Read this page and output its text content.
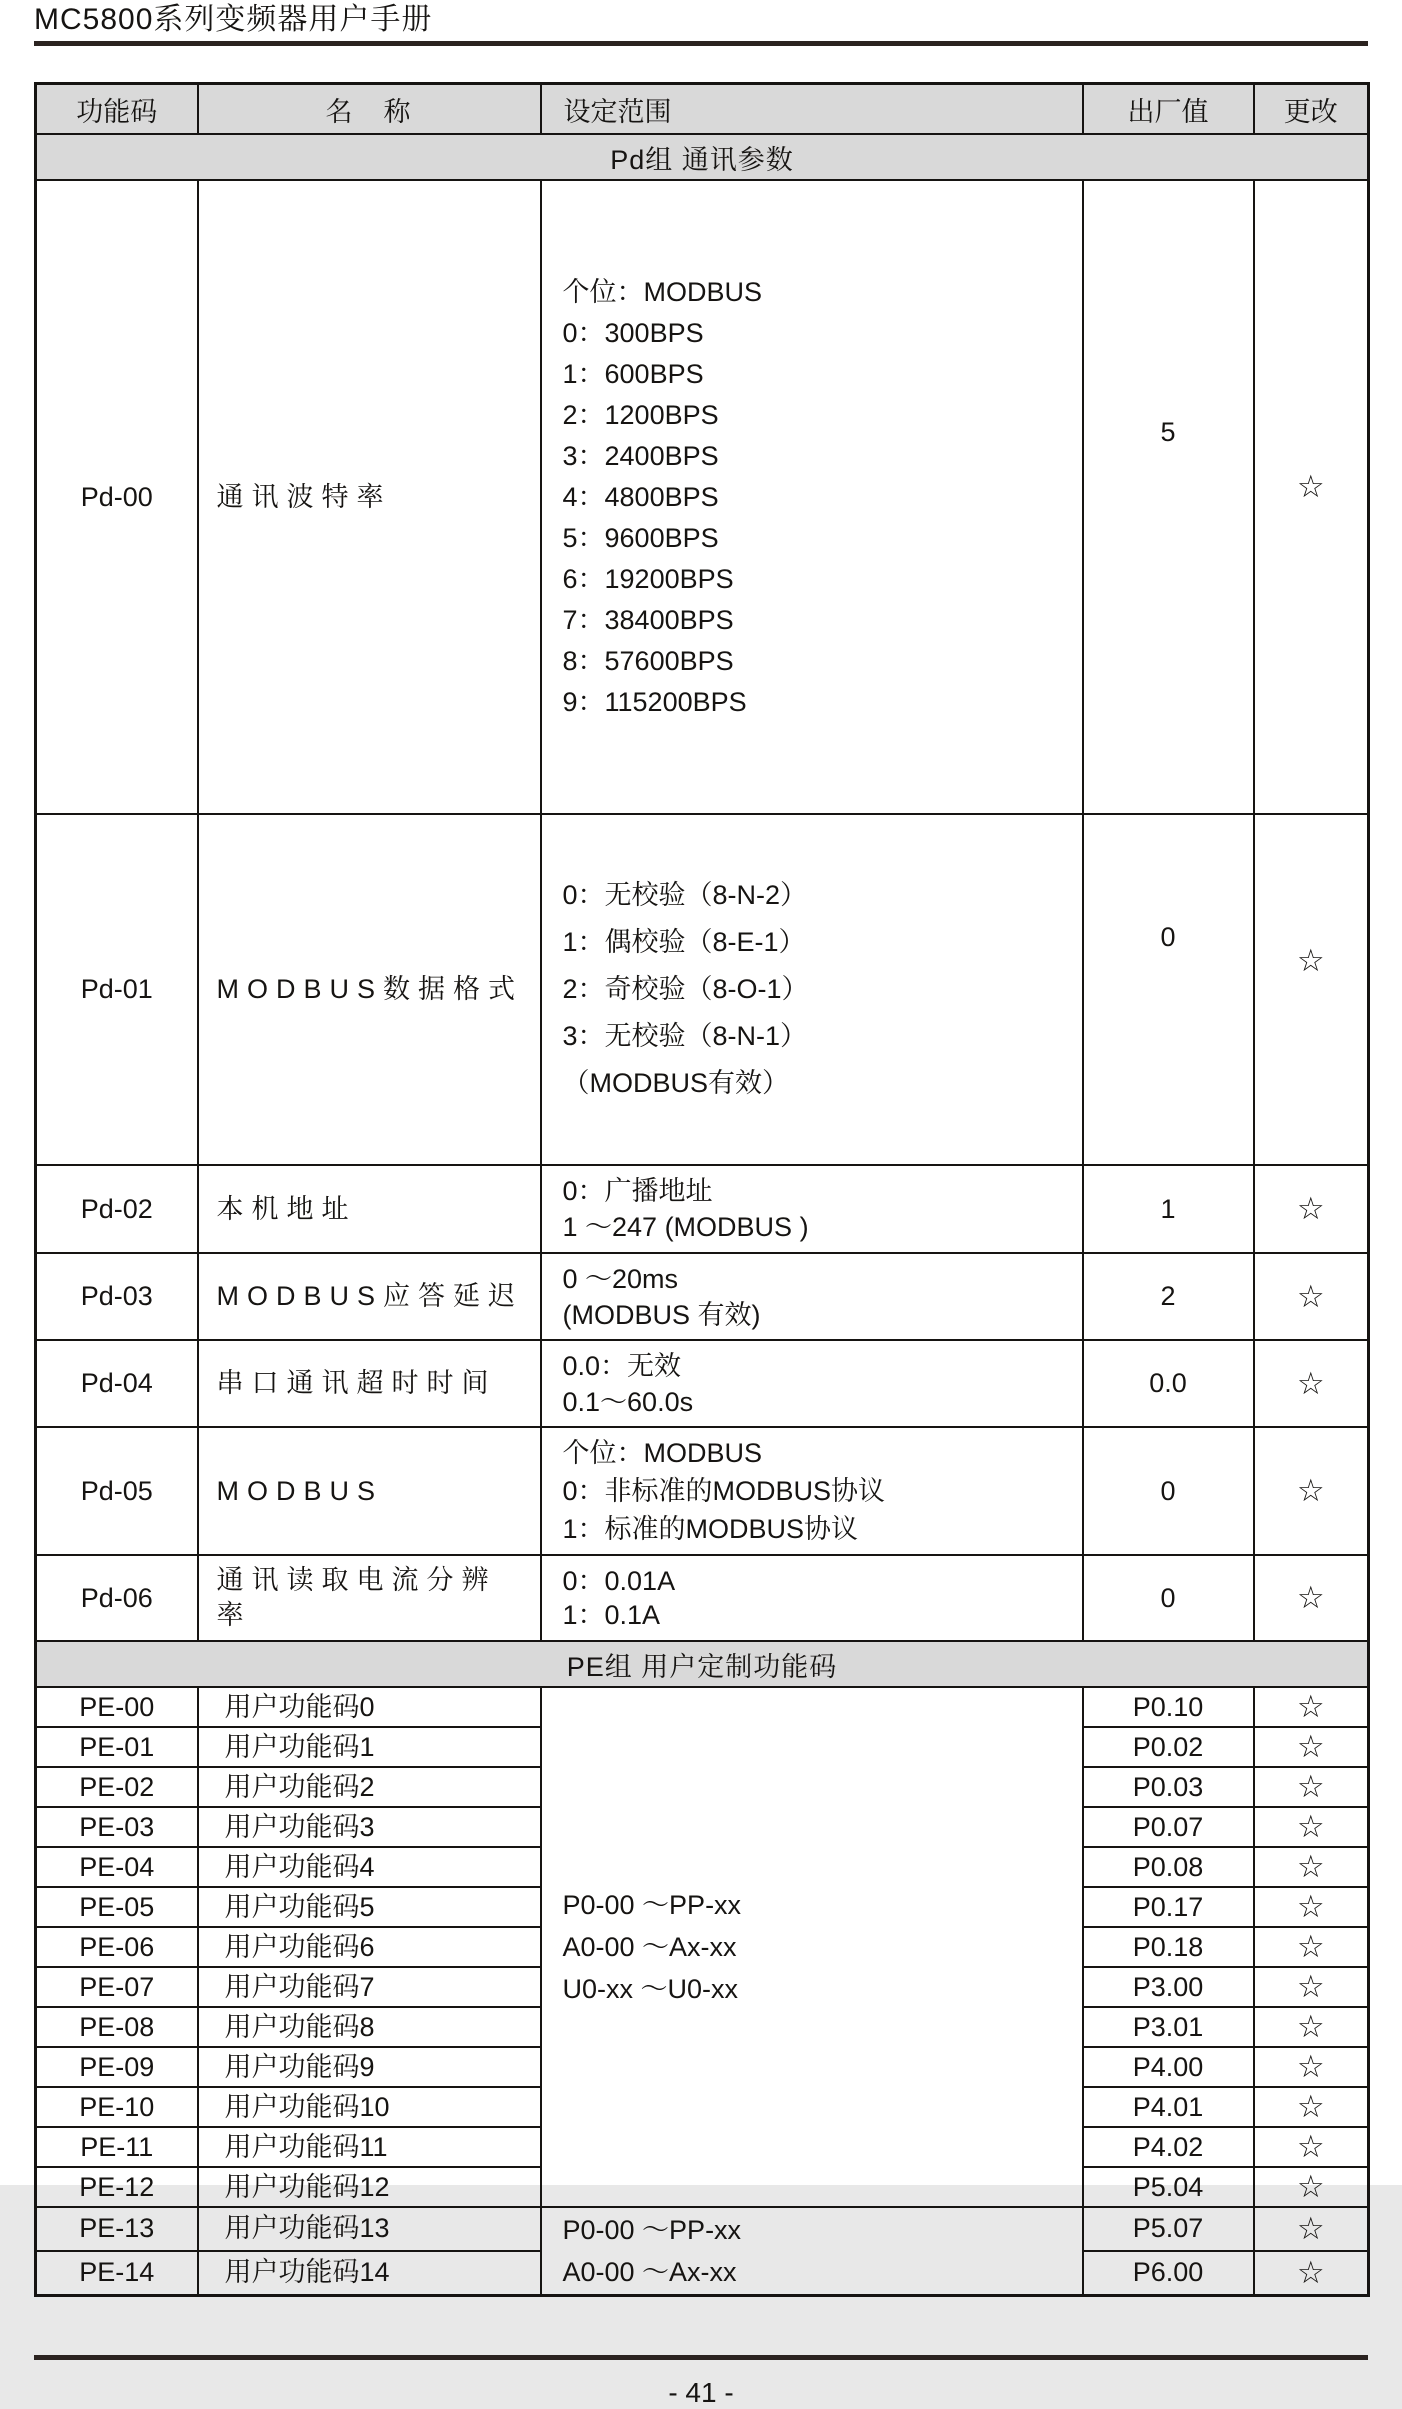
MC5800系列变频器用户手册
功能码	名　称	设定范围	出厂值	更改
Pd组 通讯参数				
Pd-00	通讯波特率	
个位：MODBUS
0：300BPS
1：600BPS
2：1200BPS
3：2400BPS
4：4800BPS
5：9600BPS
6：19200BPS
7：38400BPS
8：57600BPS
9：115200BPS
	5	☆
Pd-01	MODBUS数据格式	0：无校验（8-N-2）
1：偶校验（8-E-1）
2：奇校验（8-O-1）
3：无校验（8-N-1）
（MODBUS有效）	0	☆
Pd-02	本机地址	0：广播地址
1 ～247 (MODBUS )	1	☆
Pd-03	MODBUS应答延迟	0 ～20ms
(MODBUS 有效)	2	☆
Pd-04	串口通讯超时时间	0.0：无效
0.1～60.0s	0.0	☆
Pd-05	MODBUS	个位：MODBUS
0：非标准的MODBUS协议
1：标准的MODBUS协议	0	☆
Pd-06	通讯读取电流分辨率	0：0.01A
1：0.1A	0	☆
PE组 用户定制功能码				
PE-00	用户功能码0	P0-00 ～PP-xx
A0-00 ～Ax-xx
U0-xx ～U0-xx	P0.10	☆
PE-01	用户功能码1		P0.02	☆
PE-02	用户功能码2		P0.03	☆
PE-03	用户功能码3		P0.07	☆
PE-04	用户功能码4		P0.08	☆
PE-05	用户功能码5		P0.17	☆
PE-06	用户功能码6		P0.18	☆
PE-07	用户功能码7		P3.00	☆
PE-08	用户功能码8		P3.01	☆
PE-09	用户功能码9		P4.00	☆
PE-10	用户功能码10		P4.01	☆
PE-11	用户功能码11		P4.02	☆
PE-12	用户功能码12		P5.04	☆
PE-13	用户功能码13	P0-00 ～PP-xx
A0-00 ～Ax-xx	P5.07	☆
PE-14	用户功能码14		P6.00	☆
- 41 -
